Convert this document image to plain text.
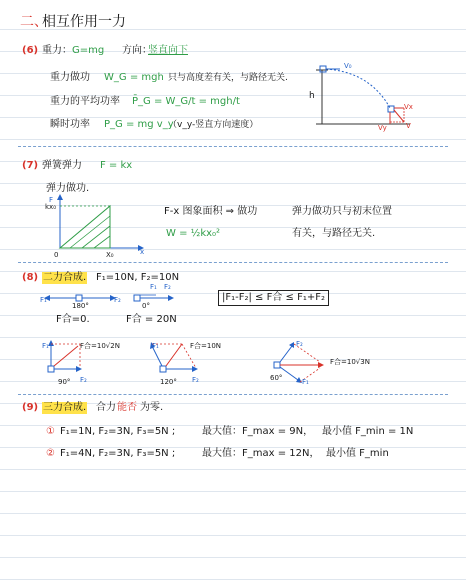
二、
相互作用一力
(6) 重力： G=mg 方向：
竖直向下
重力做功 W_G = mgh 只与高度差有关，与路径无关.
重力的平均功率 P̄_G = W_G/t = mgh/t
瞬时功率 P_G = mg v_y
（v_y-竖直方向速度）
V₀
h
Vx
Vy	V
(7) 弹簧弹力 F = kx
弹力做功.
F
kx₀
0	X₀	x
F-x 图象面积 ⇒ 做功
W = ½kx₀²
弹力做功只与初末位置
有关，与路径无关.
(8) 二力合成. F₁=10N, F₂=10N
|F₁-F₂| ≤ F合 ≤ F₁+F₂
F₁	F₂
180°
F合=0.
F₁ F₂
0°
F合 = 20N
F₁
F₂
90°
F合=10√2N	F₁
F₂
120°
F合=10N	F₂
F₁
60°
F合=10√3N
(9) 三力合成. 合力 能否 为零.
① F₁=1N, F₂=3N, F₃=5N ;	最大值：F_max = 9N， 最小值 F_min = 1N
② F₁=4N, F₂=3N, F₃=5N ;	最大值：F_max = 12N， 最小值 F_min
